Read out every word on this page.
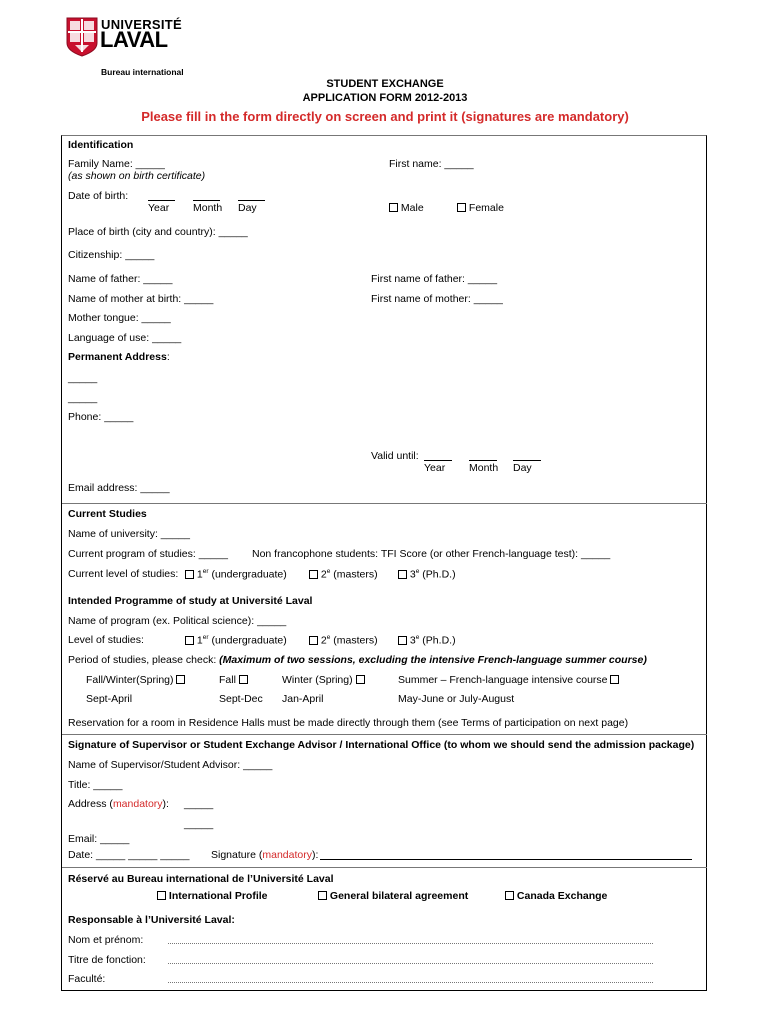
UNIVERSITÉ
LAVAL
Bureau international
STUDENT EXCHANGE
APPLICATION FORM 2012-2013
Please fill in the form directly on screen and print it (signatures are mandatory)
Identification
Family Name: _____
(as shown on birth certificate)
First name: _____
Date of birth:
Year Month Day	Male	Female
Place of birth (city and country): _____
Citizenship: _____
Name of father: _____	First name of father: _____
Name of mother at birth: _____	First name of mother: _____
Mother tongue: _____
Language of use: _____
Permanent Address:
_____
_____
Phone: _____
Valid until:
Year Month Day
Email address: _____
Current Studies
Name of university: _____
Current program of studies: _____ Non francophone students: TFI Score (or other French-language test): _____
Current level of studies:	1er (undergraduate)	2e (masters)	3e (Ph.D.)
Intended Programme of study at Université Laval
Name of program (ex. Political science): _____
Level of studies:	1er (undergraduate)	2e (masters)	3e (Ph.D.)
Period of studies, please check: (Maximum of two sessions, excluding the intensive French-language summer course)
Fall/Winter(Spring)	Fall	Winter (Spring)	Summer – French-language intensive course
Sept-April	Sept-Dec Jan-April	May-June or July-August
Reservation for a room in Residence Halls must be made directly through them (see Terms of participation on next page)
Signature of Supervisor or Student Exchange Advisor / International Office (to whom we should send the admission package)
Name of Supervisor/Student Advisor: _____
Title: _____
Address (mandatory): _____
_____
Email: _____
Date: _____ _____ _____ Signature (mandatory):
Réservé au Bureau international de l’Université Laval
International Profile	General bilateral agreement	Canada Exchange
Responsable à l’Université Laval:
Nom et prénom:
Titre de fonction:
Faculté:
